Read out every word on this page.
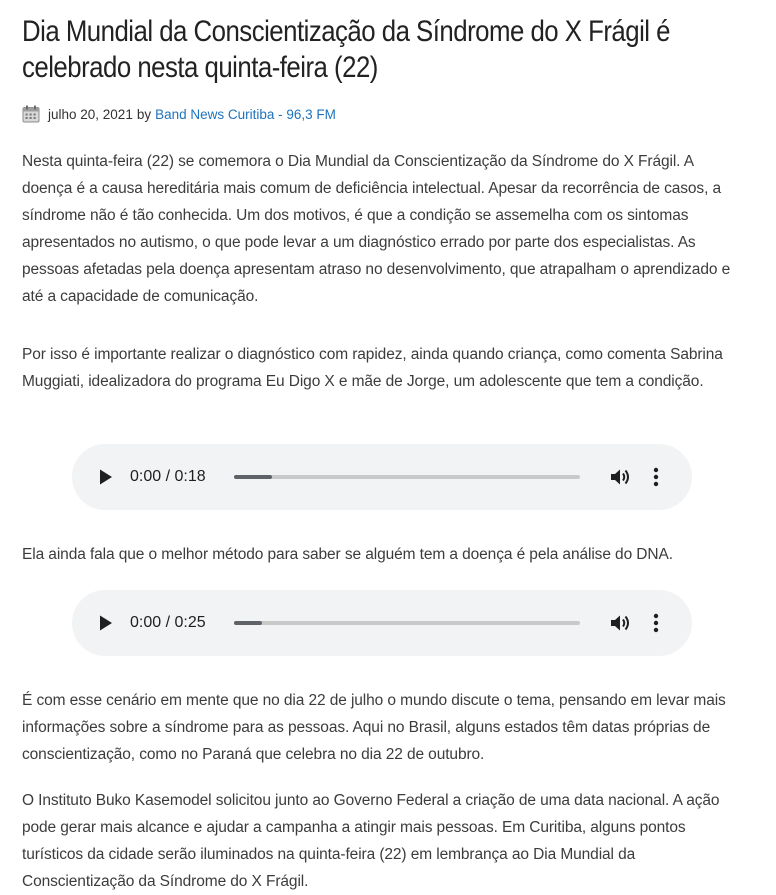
Dia Mundial da Conscientização da Síndrome do X Frágil é celebrado nesta quinta-feira (22)
julho 20, 2021 by Band News Curitiba - 96,3 FM

Nesta quinta-feira (22) se comemora o Dia Mundial da Conscientização da Síndrome do X Frágil. A doença é a causa hereditária mais comum de deficiência intelectual. Apesar da recorrência de casos, a síndrome não é tão conhecida. Um dos motivos, é que a condição se assemelha com os sintomas apresentados no autismo, o que pode levar a um diagnóstico errado por parte dos especialistas. As pessoas afetadas pela doença apresentam atraso no desenvolvimento, que atrapalham o aprendizado e até a capacidade de comunicação.

Por isso é importante realizar o diagnóstico com rapidez, ainda quando criança, como comenta Sabrina Muggiati, idealizadora do programa Eu Digo X e mãe de Jorge, um adolescente que tem a condição.

0:00 / 0:18

Ela ainda fala que o melhor método para saber se alguém tem a doença é pela análise do DNA.

0:00 / 0:25

É com esse cenário em mente que no dia 22 de julho o mundo discute o tema, pensando em levar mais informações sobre a síndrome para as pessoas. Aqui no Brasil, alguns estados têm datas próprias de conscientização, como no Paraná que celebra no dia 22 de outubro.

O Instituto Buko Kasemodel solicitou junto ao Governo Federal a criação de uma data nacional. A ação pode gerar mais alcance e ajudar a campanha a atingir mais pessoas. Em Curitiba, alguns pontos turísticos da cidade serão iluminados na quinta-feira (22) em lembrança ao Dia Mundial da Conscientização da Síndrome do X Frágil.
